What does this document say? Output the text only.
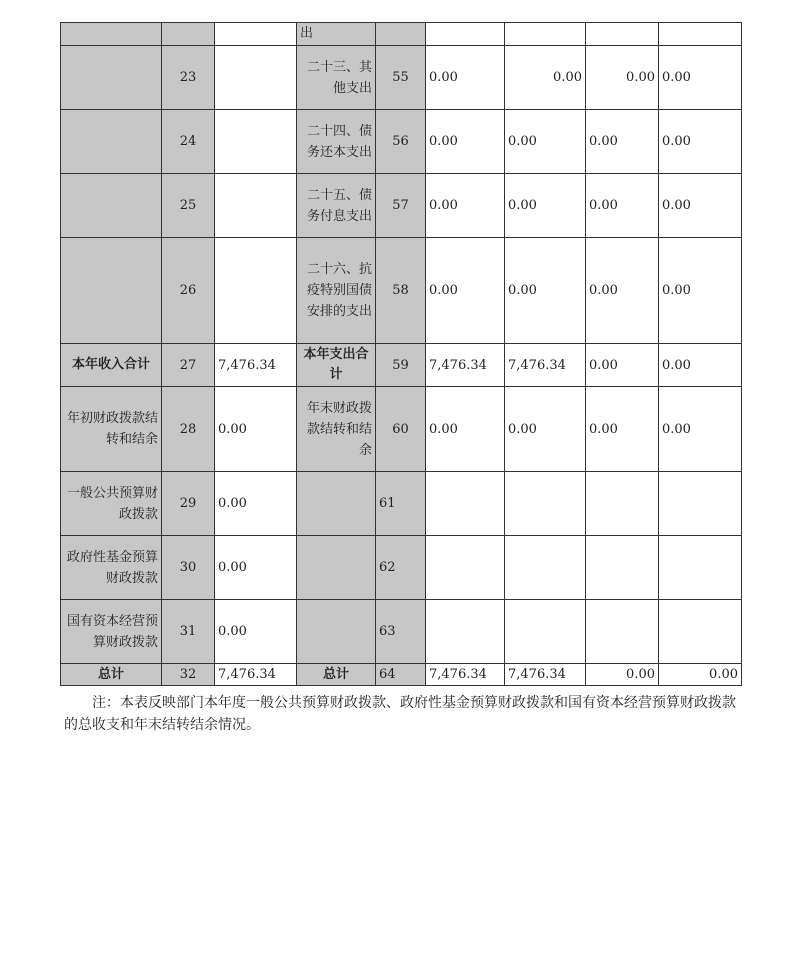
			出					
	23		二十三、其他支出	55	0.00	0.00	0.00	0.00
	24		二十四、债务还本支出	56	0.00	0.00	0.00	0.00
	25		二十五、债务付息支出	57	0.00	0.00	0.00	0.00
	26		二十六、抗疫特别国债安排的支出	58	0.00	0.00	0.00	0.00
本年收入合计	27	7,476.34	本年支出合计	59	7,476.34	7,476.34	0.00	0.00
年初财政拨款结转和结余	28	0.00	年末财政拨款结转和结余	60	0.00	0.00	0.00	0.00
一般公共预算财政拨款	29	0.00		61				
政府性基金预算财政拨款	30	0.00		62				
国有资本经营预算财政拨款	31	0.00		63				
总计	32	7,476.34	总计	64	7,476.34	7,476.34	0.00	0.00
注：本表反映部门本年度一般公共预算财政拨款、政府性基金预算财政拨款和国有资本经营预算财政拨款的总收支和年末结转结余情况。
